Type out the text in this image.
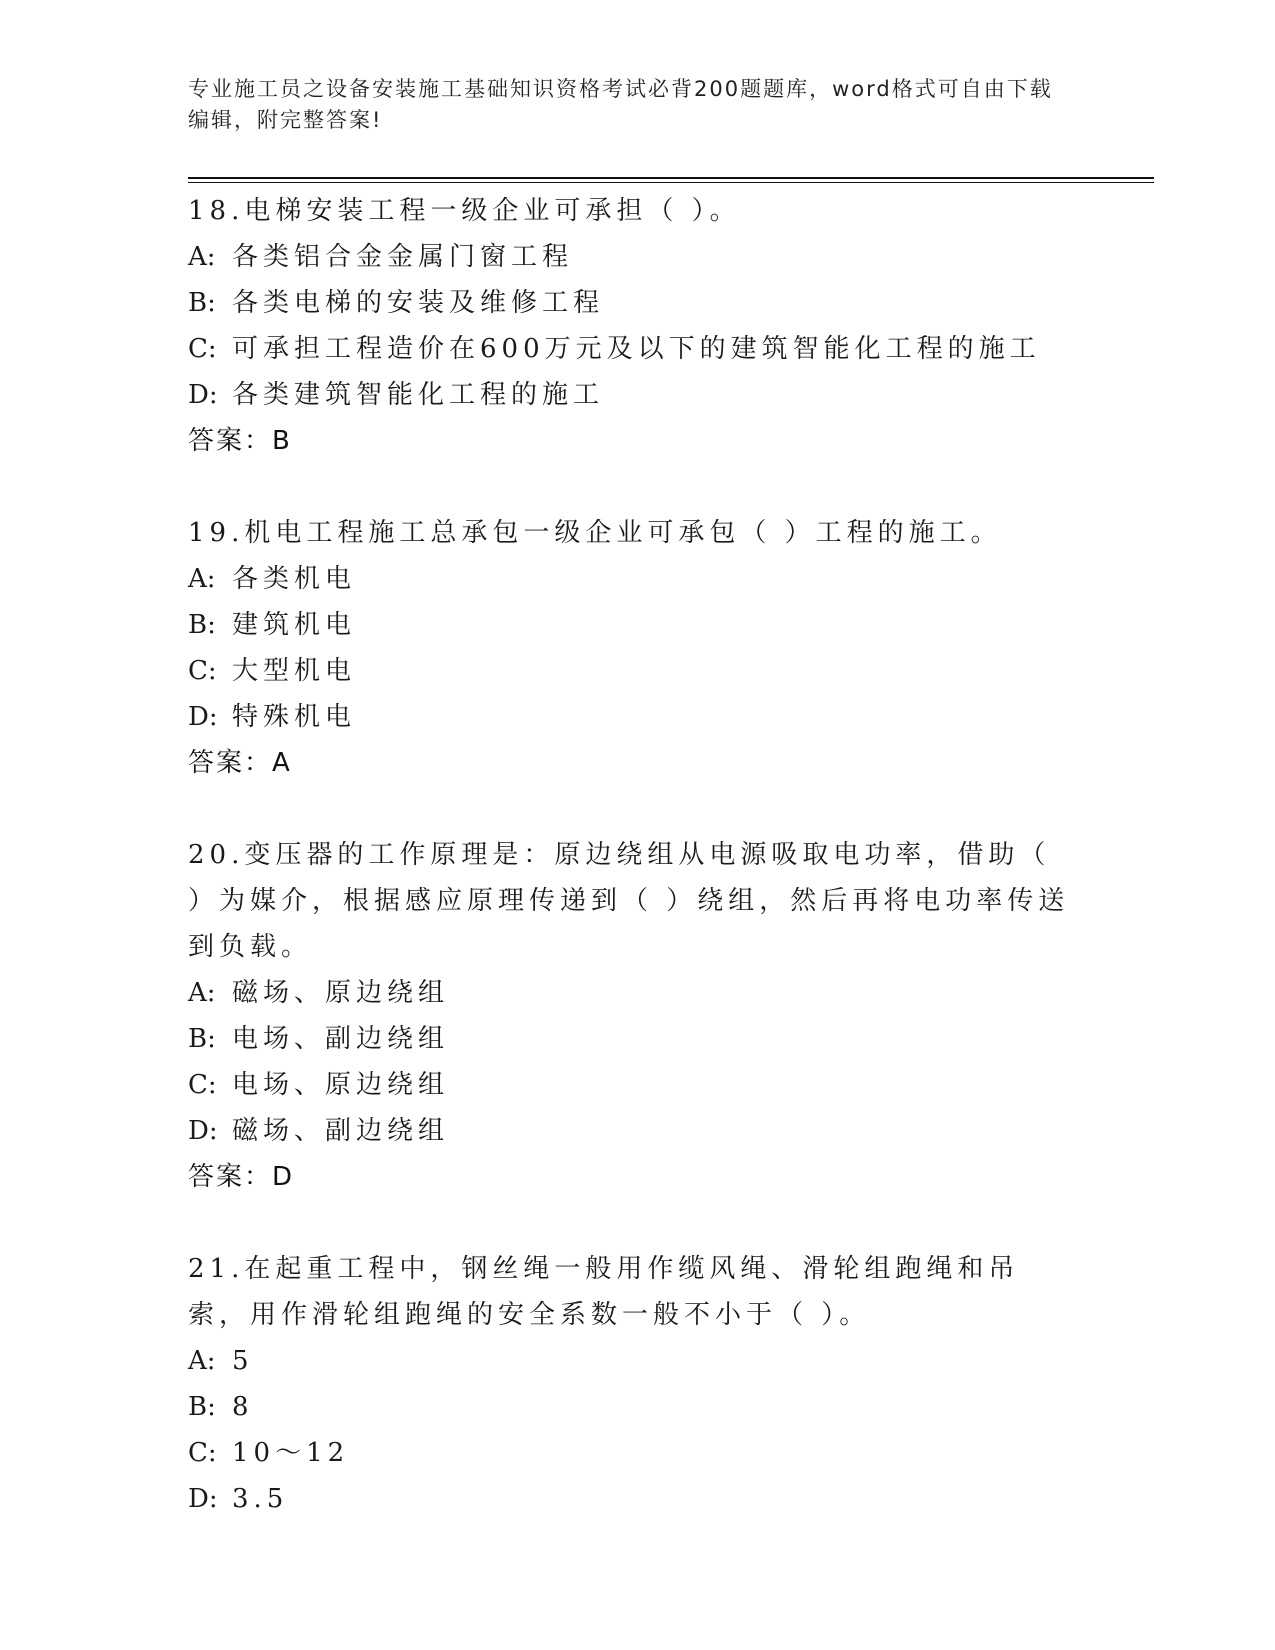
专业施工员之设备安装施工基础知识资格考试必背200题题库，word格式可自由下载编辑，附完整答案!
18.电梯安装工程一级企业可承担（ ）。
A: 各类铝合金金属门窗工程
B: 各类电梯的安装及维修工程
C: 可承担工程造价在600万元及以下的建筑智能化工程的施工
D: 各类建筑智能化工程的施工
答案：B
19.机电工程施工总承包一级企业可承包（ ）工程的施工。
A: 各类机电
B: 建筑机电
C: 大型机电
D: 特殊机电
答案：A
20.变压器的工作原理是：原边绕组从电源吸取电功率，借助（ ）为媒介，根据感应原理传递到（ ）绕组，然后再将电功率传送到负载。
A: 磁场、原边绕组
B: 电场、副边绕组
C: 电场、原边绕组
D: 磁场、副边绕组
答案：D
21.在起重工程中，钢丝绳一般用作缆风绳、滑轮组跑绳和吊索，用作滑轮组跑绳的安全系数一般不小于（ ）。
A: 5
B: 8
C: 10～12
D: 3.5
